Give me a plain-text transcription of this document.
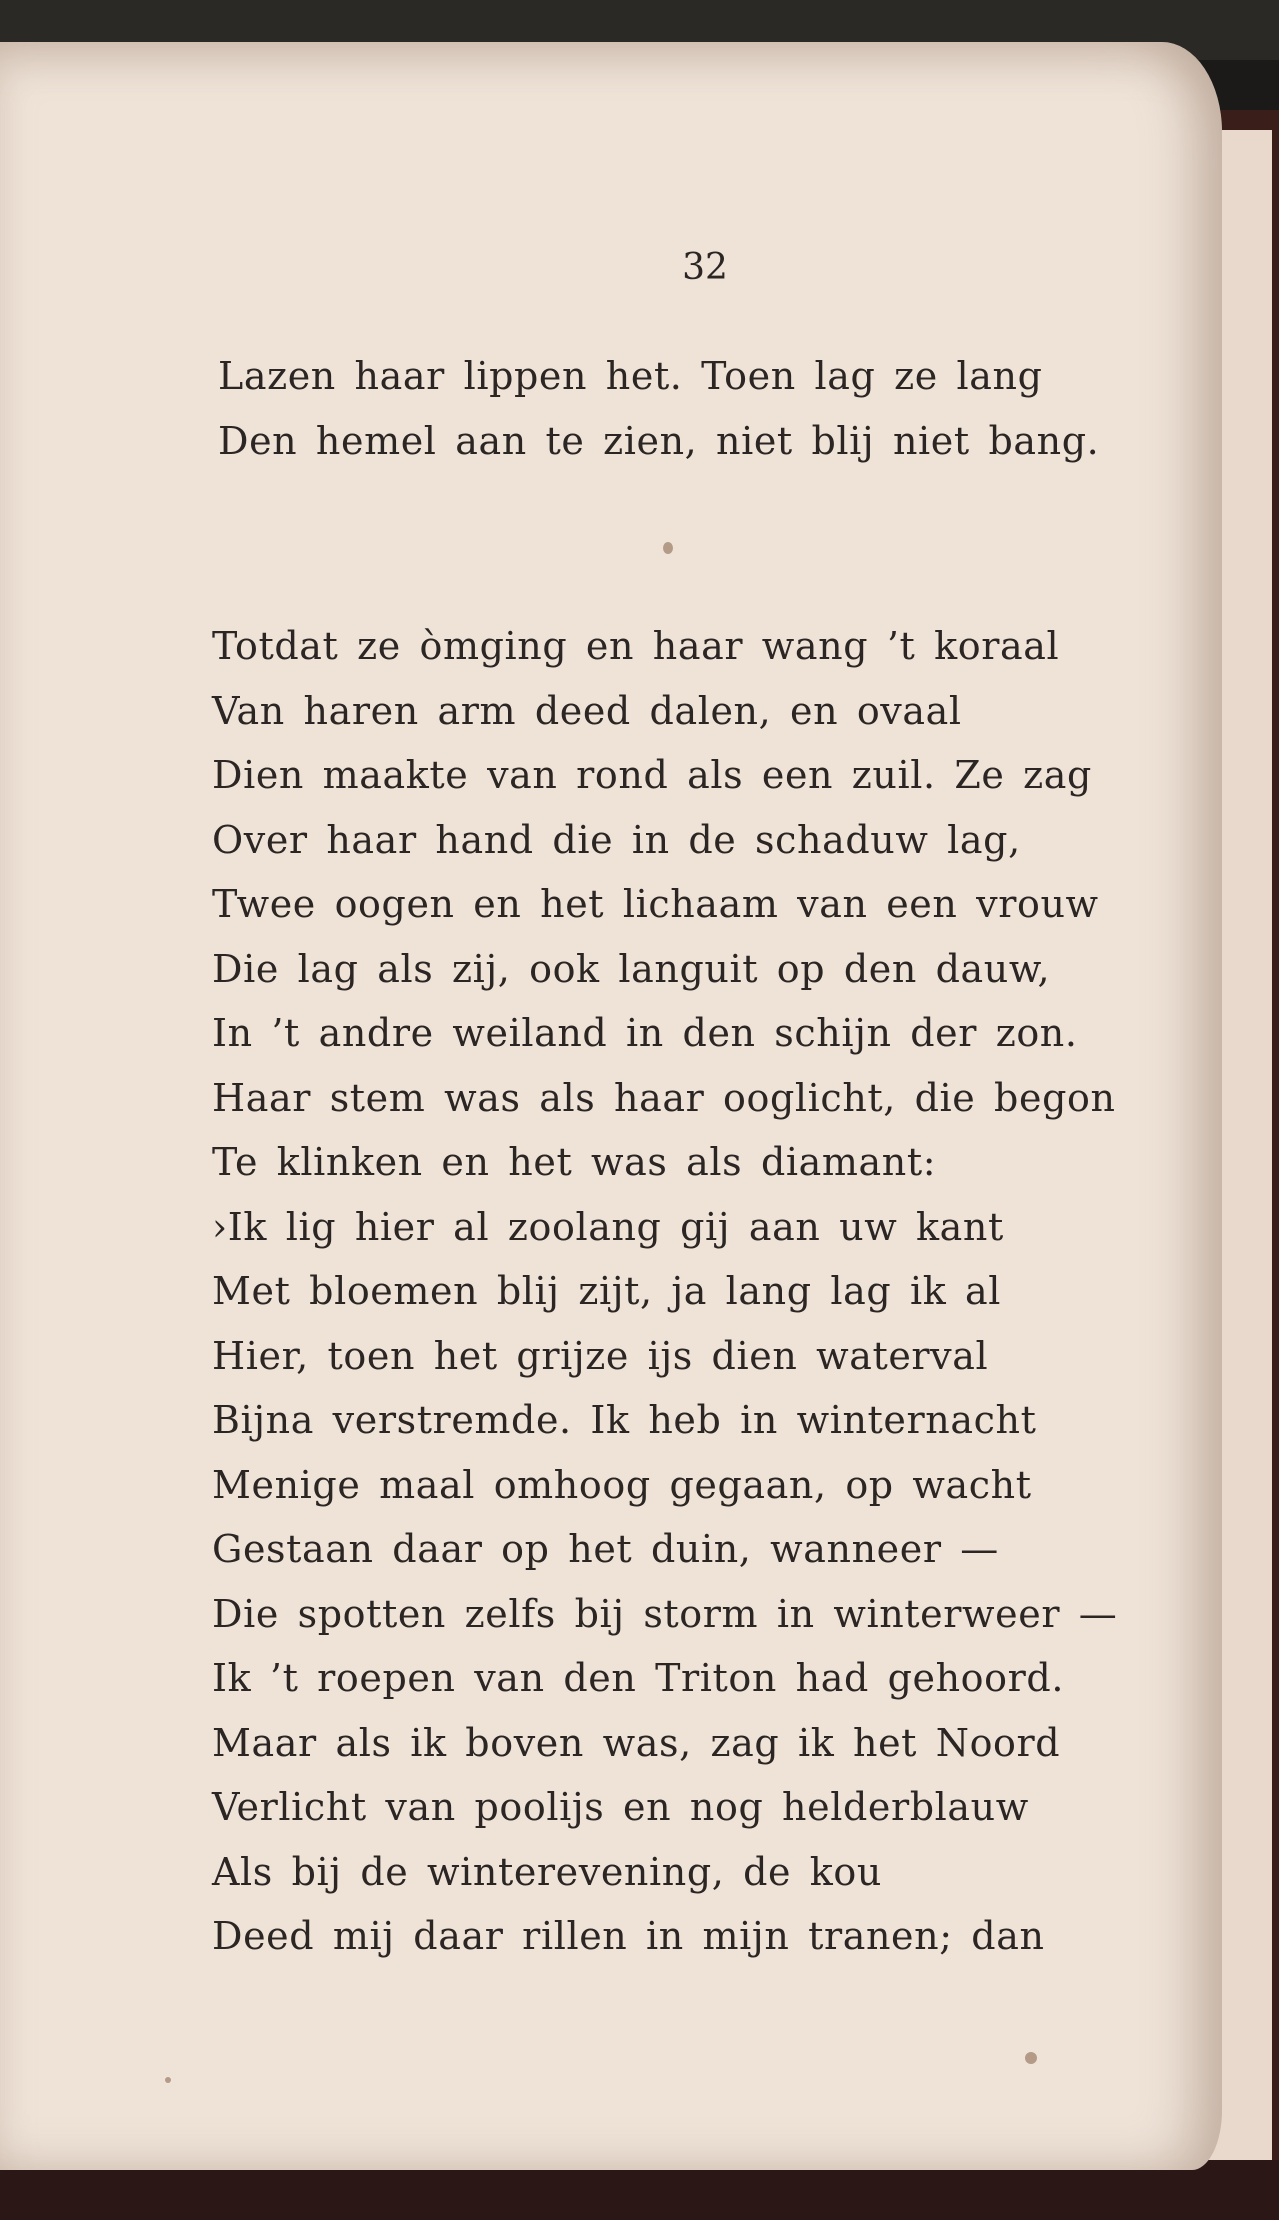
32
Lazen haar lippen het. Toen lag ze lang
Den hemel aan te zien, niet blij niet bang.
Totdat ze òmging en haar wang ’t koraal
Van haren arm deed dalen, en ovaal
Dien maakte van rond als een zuil. Ze zag
Over haar hand die in de schaduw lag,
Twee oogen en het lichaam van een vrouw
Die lag als zij, ook languit op den dauw,
In ’t andre weiland in den schijn der zon.
Haar stem was als haar ooglicht, die begon
Te klinken en het was als diamant:
›Ik lig hier al zoolang gij aan uw kant
Met bloemen blij zijt, ja lang lag ik al
Hier, toen het grijze ijs dien waterval
Bijna verstremde. Ik heb in winternacht
Menige maal omhoog gegaan, op wacht
Gestaan daar op het duin, wanneer —
Die spotten zelfs bij storm in winterweer —
Ik ’t roepen van den Triton had gehoord.
Maar als ik boven was, zag ik het Noord
Verlicht van poolijs en nog helderblauw
Als bij de winterevening, de kou
Deed mij daar rillen in mijn tranen; dan
